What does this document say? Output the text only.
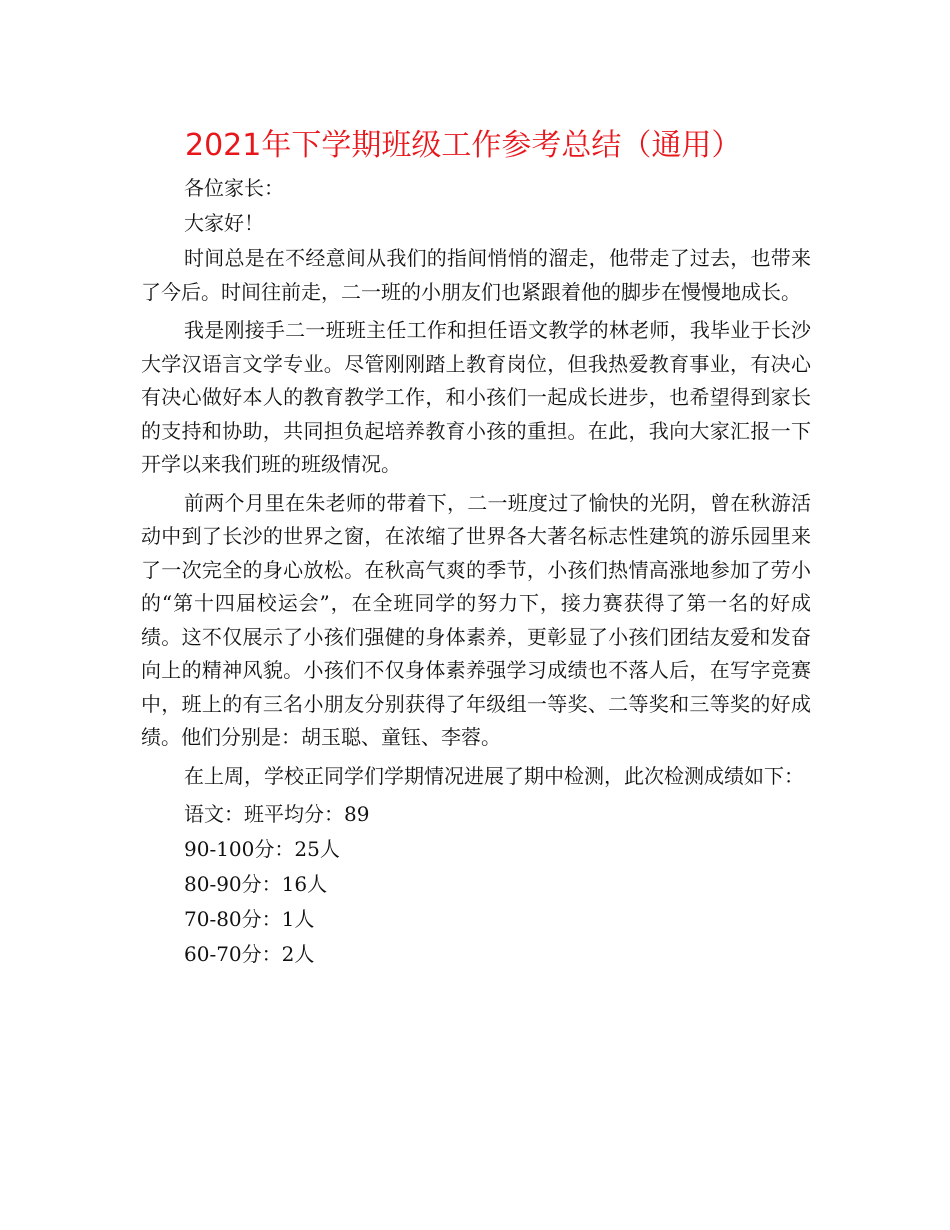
2021年下学期班级工作参考总结（通用）

各位家长：

大家好！

时间总是在不经意间从我们的指间悄悄的溜走，他带走了过去，也带来了今后。时间往前走，二一班的小朋友们也紧跟着他的脚步在慢慢地成长。

我是刚接手二一班班主任工作和担任语文教学的林老师，我毕业于长沙大学汉语言文学专业。尽管刚刚踏上教育岗位，但我热爱教育事业，有决心有决心做好本人的教育教学工作，和小孩们一起成长进步，也希望得到家长的支持和协助，共同担负起培养教育小孩的重担。在此，我向大家汇报一下开学以来我们班的班级情况。

前两个月里在朱老师的带着下，二一班度过了愉快的光阴，曾在秋游活动中到了长沙的世界之窗，在浓缩了世界各大著名标志性建筑的游乐园里来了一次完全的身心放松。在秋高气爽的季节，小孩们热情高涨地参加了劳小的“第十四届校运会”，在全班同学的努力下，接力赛获得了第一名的好成绩。这不仅展示了小孩们强健的身体素养，更彰显了小孩们团结友爱和发奋向上的精神风貌。小孩们不仅身体素养强学习成绩也不落人后，在写字竞赛中，班上的有三名小朋友分别获得了年级组一等奖、二等奖和三等奖的好成绩。他们分别是：胡玉聪、童钰、李蓉。

在上周，学校正同学们学期情况进展了期中检测，此次检测成绩如下：

语文：班平均分：89

90-100分：25人

80-90分：16人

70-80分：1人

60-70分：2人
